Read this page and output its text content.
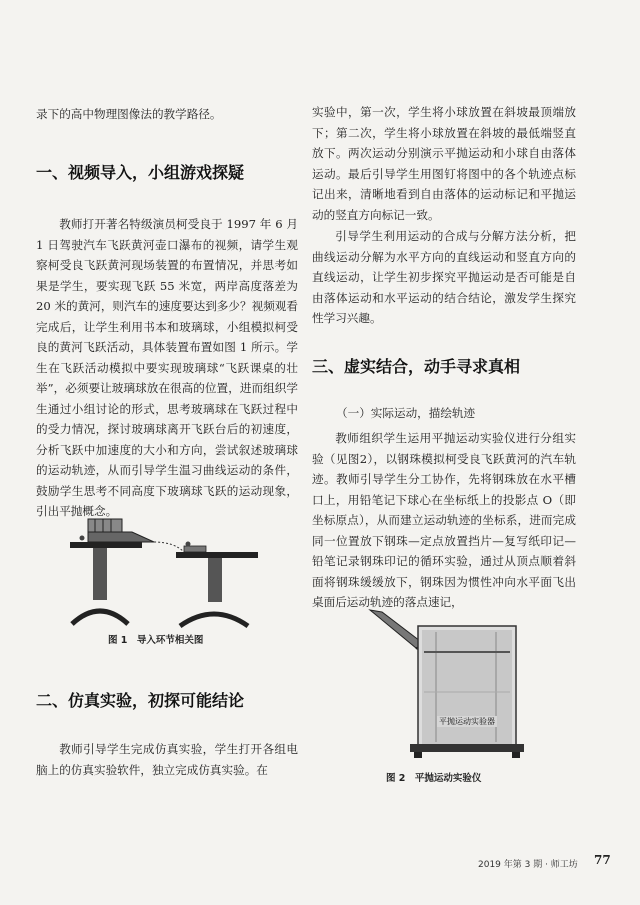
录下的高中物理图像法的教学路径。

一、视频导入，小组游戏探疑

教师打开著名特级演员柯受良于 1997 年 6 月 1 日驾驶汽车飞跃黄河壶口瀑布的视频，请学生观察柯受良飞跃黄河现场装置的布置情况，并思考如果是学生，要实现飞跃 55 米宽，两岸高度落差为 20 米的黄河，则汽车的速度要达到多少？视频观看完成后，让学生利用书本和玻璃球，小组模拟柯受良的黄河飞跃活动，具体装置布置如图 1 所示。学生在飞跃活动模拟中要实现玻璃球“飞跃课桌的壮举”，必须要让玻璃球放在很高的位置，进而组织学生通过小组讨论的形式，思考玻璃球在飞跃过程中的受力情况，探讨玻璃球离开飞跃台后的初速度，分析飞跃中加速度的大小和方向，尝试叙述玻璃球的运动轨迹，从而引导学生温习曲线运动的条件，鼓励学生思考不同高度下玻璃球飞跃的运动现象，引出平抛概念。

图 1　导入环节相关图
二、仿真实验，初探可能结论

教师引导学生完成仿真实验，学生打开各组电脑上的仿真实验软件，独立完成仿真实验。在

实验中，第一次，学生将小球放置在斜坡最顶端放下；第二次，学生将小球放置在斜坡的最低端竖直放下。两次运动分别演示平抛运动和小球自由落体运动。最后引导学生用图钉将图中的各个轨迹点标记出来，清晰地看到自由落体的运动标记和平抛运动的竖直方向标记一致。

引导学生利用运动的合成与分解方法分析，把曲线运动分解为水平方向的直线运动和竖直方向的直线运动，让学生初步探究平抛运动是否可能是自由落体运动和水平运动的结合结论，激发学生探究性学习兴趣。

三、虚实结合，动手寻求真相
（一）实际运动，描绘轨迹

教师组织学生运用平抛运动实验仪进行分组实验（见图2），以钢珠模拟柯受良飞跃黄河的汽车轨迹。教师引导学生分工协作，先将钢珠放在水平槽口上，用铅笔记下球心在坐标纸上的投影点 O（即坐标原点），从而建立运动轨迹的坐标系，进而完成同一位置放下钢珠—定点放置挡片—复写纸印记—铅笔记录钢珠印记的循环实验，通过从顶点顺着斜面将钢珠缓缓放下，钢珠因为惯性冲向水平面飞出桌面后运动轨迹的落点速记，

平抛运动实验器
图 2　平抛运动实验仪
2019 年第 3 期 · 师工坊 77
